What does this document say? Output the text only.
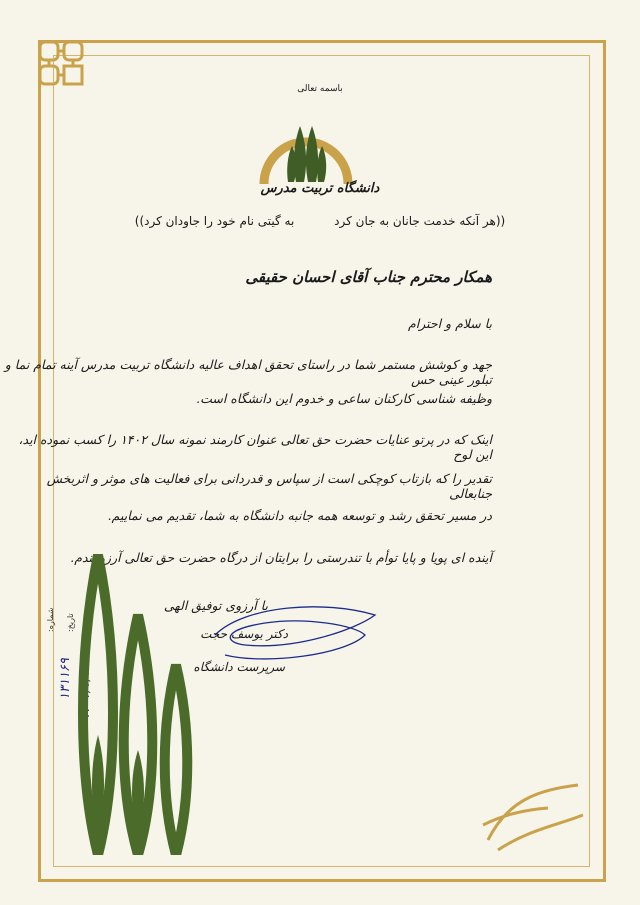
باسمه تعالی
دانشگاه تربیت مدرس
((هر آنکه خدمت جانان به جان کرد به گیتی نام خود را جاودان کرد))
همکار محترم جناب آقای احسان حقیقی
با سلام و احترام
جهد و کوشش مستمر شما در راستای تحقق اهداف عالیه دانشگاه تربیت مدرس آینه تمام نما و تبلور عینی حس
وظیفه شناسی کارکنان ساعی و خدوم این دانشگاه است.
اینک که در پرتو عنایات حضرت حق تعالی عنوان کارمند نمونه سال ۱۴۰۲ را کسب نموده اید، این لوح
تقدیر را که بازتاب کوچکی است از سپاس و قدردانی برای فعالیت های موثر و اثربخش جنابعالی
در مسیر تحقق رشد و توسعه همه جانبه دانشگاه به شما، تقدیم می نماییم.
آینده ای پویا و پایا توأم با تندرستی را برایتان از درگاه حضرت حق تعالی آرزومندم.
با آرزوی توفیق الهی
دکتر یوسف حجت
سرپرست دانشگاه
شماره: تاریخ:
۱۳۱۱۶۹ ۱۴۰۳/۲/۲۵
